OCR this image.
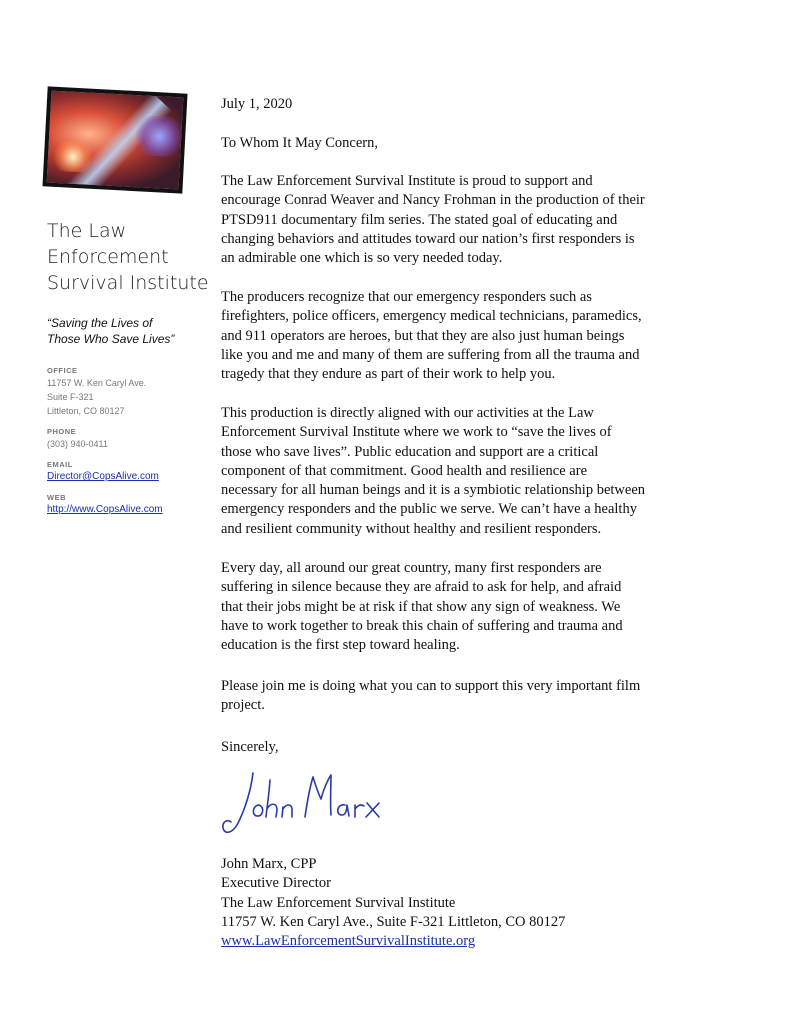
The Law
Enforcement
Survival Institute
“Saving the Lives of
Those Who Save Lives”
OFFICE
11757 W. Ken Caryl Ave.
Suite F-321
Littleton, CO 80127
PHONE
(303) 940-0411
EMAIL
Director@CopsAlive.com
WEB
http://www.CopsAlive.com
July 1, 2020
To Whom It May Concern,
The Law Enforcement Survival Institute is proud to support and
encourage Conrad Weaver and Nancy Frohman in the production of their
PTSD911 documentary film series. The stated goal of educating and
changing behaviors and attitudes toward our nation’s first responders is
an admirable one which is so very needed today.
The producers recognize that our emergency responders such as
firefighters, police officers, emergency medical technicians, paramedics,
and 911 operators are heroes, but that they are also just human beings
like you and me and many of them are suffering from all the trauma and
tragedy that they endure as part of their work to help you.
This production is directly aligned with our activities at the Law
Enforcement Survival Institute where we work to “save the lives of
those who save lives”. Public education and support are a critical
component of that commitment. Good health and resilience are
necessary for all human beings and it is a symbiotic relationship between
emergency responders and the public we serve. We can’t have a healthy
and resilient community without healthy and resilient responders.
Every day, all around our great country, many first responders are
suffering in silence because they are afraid to ask for help, and afraid
that their jobs might be at risk if that show any sign of weakness. We
have to work together to break this chain of suffering and trauma and
education is the first step toward healing.
Please join me is doing what you can to support this very important film
project.
Sincerely,
John Marx, CPP
Executive Director
The Law Enforcement Survival Institute
11757 W. Ken Caryl Ave., Suite F-321 Littleton, CO 80127
www.LawEnforcementSurvivalInstitute.org
